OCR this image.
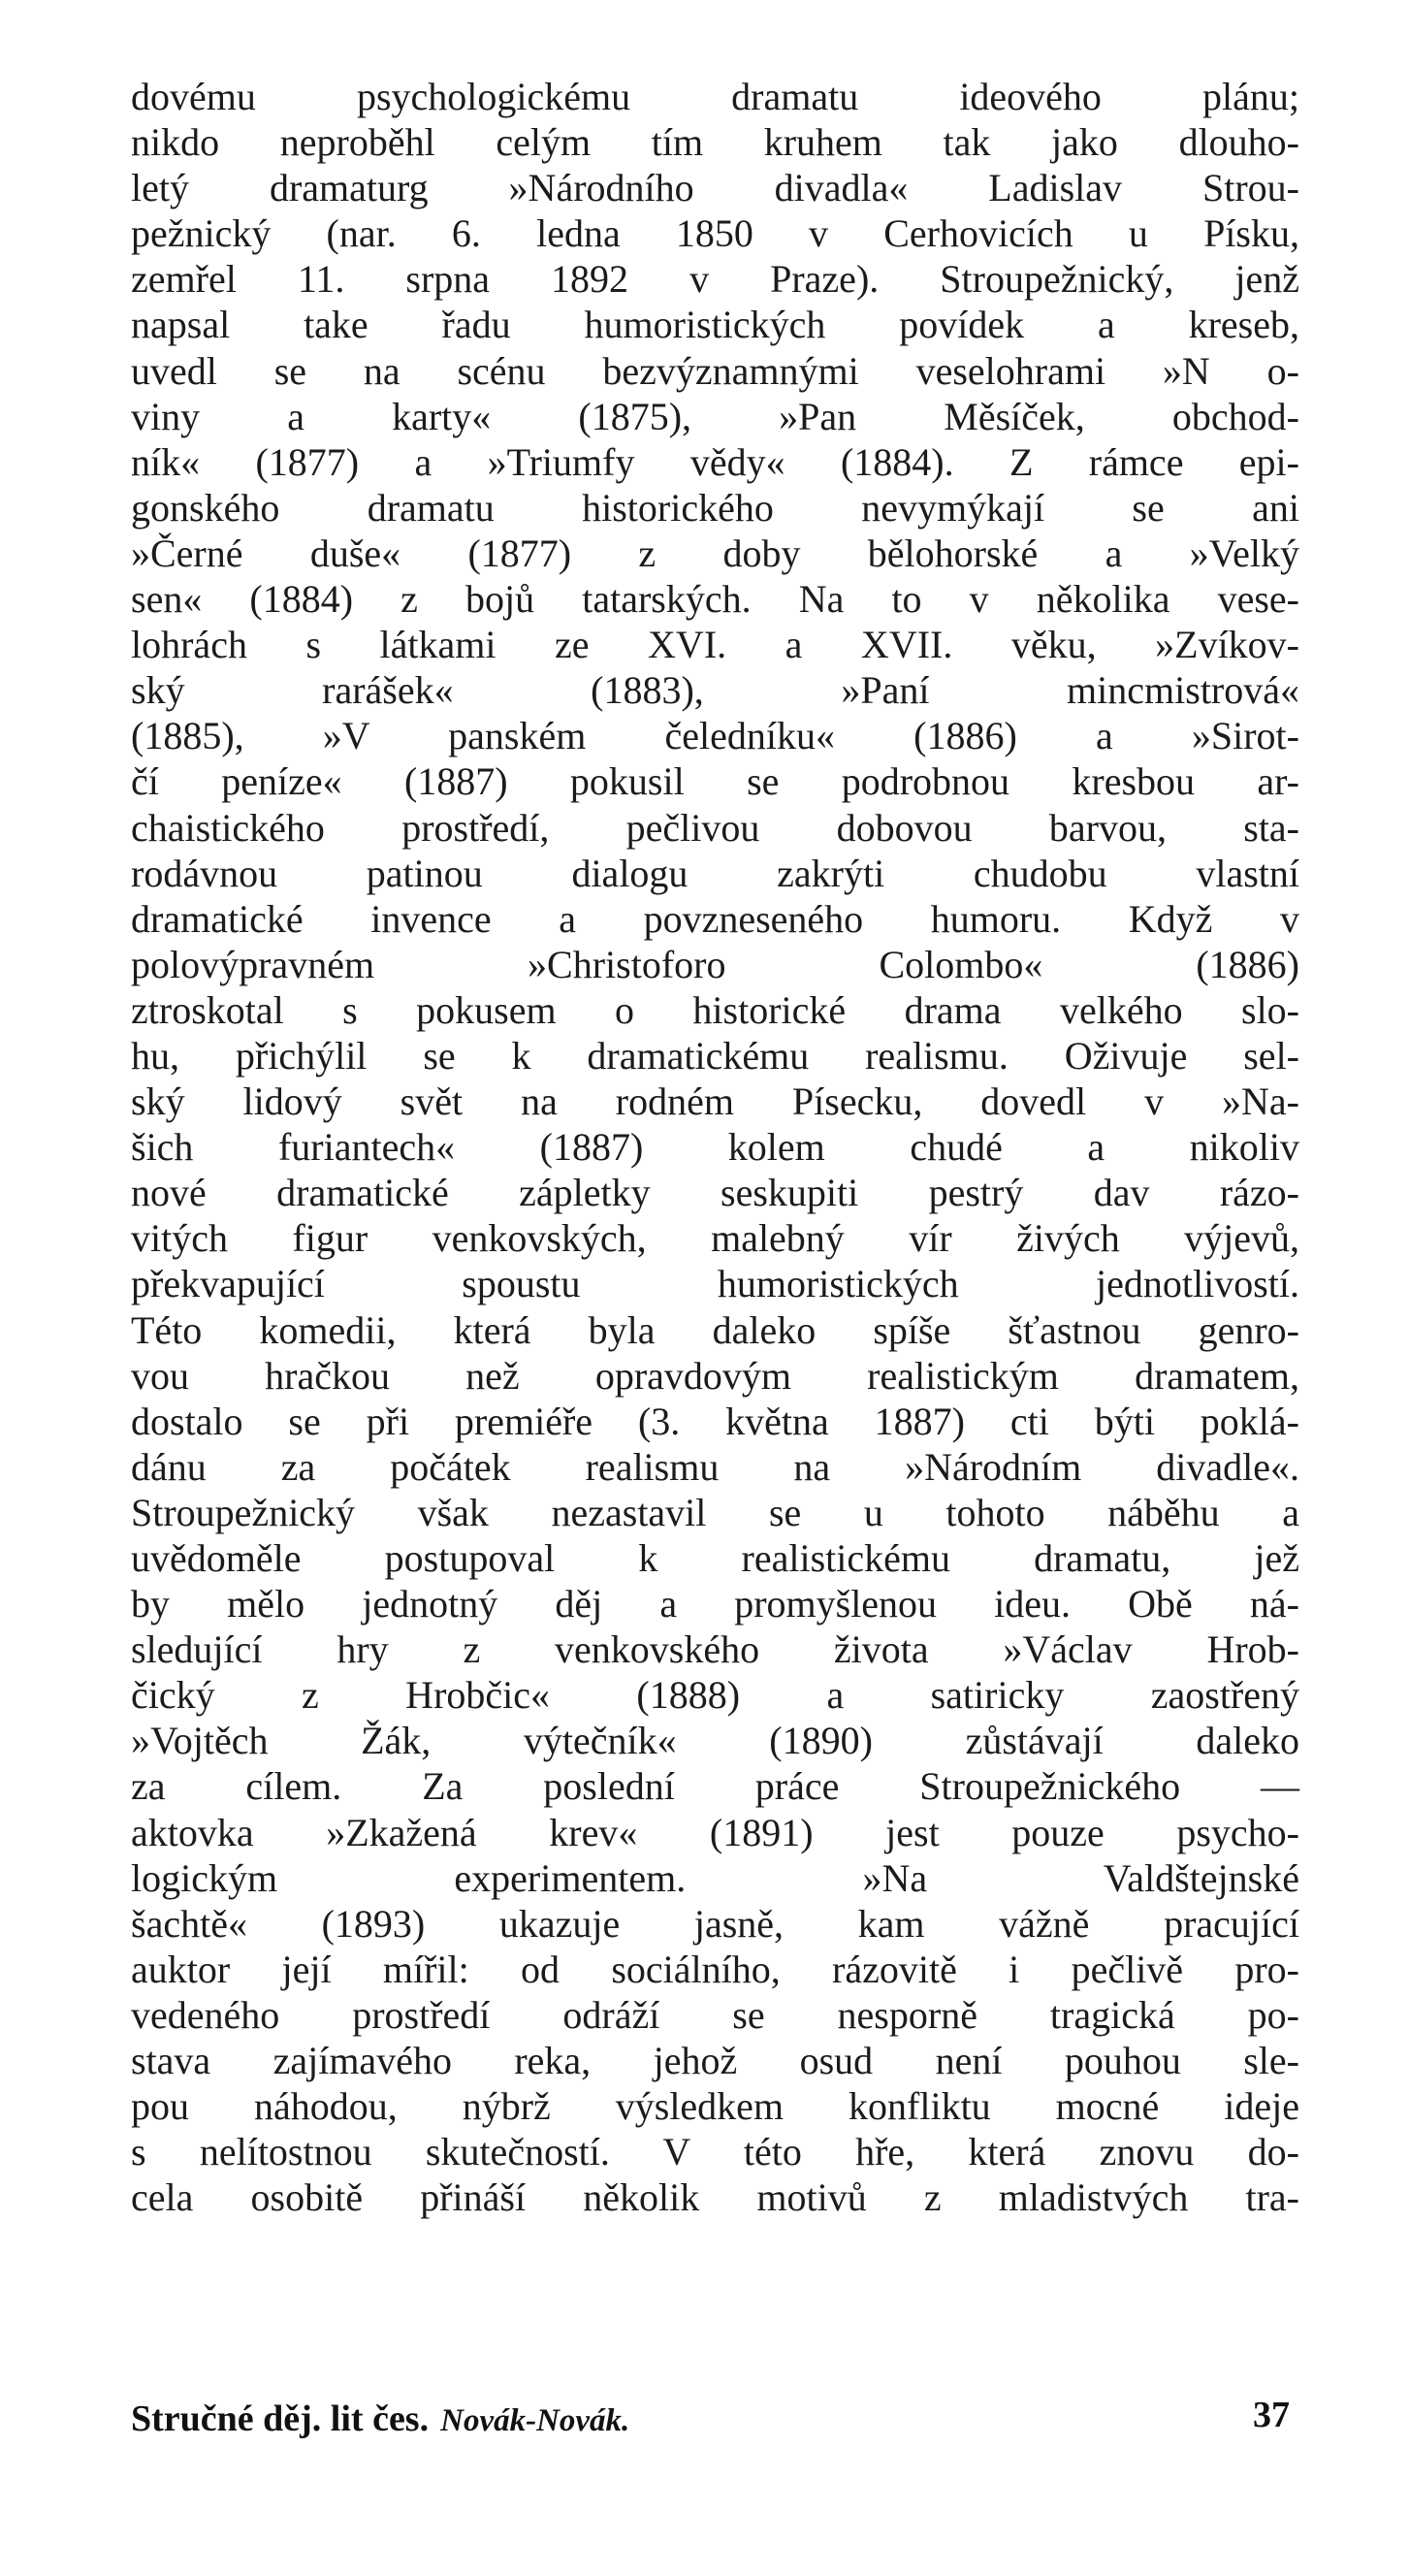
dovému psychologickému dramatu ideového plánu;
nikdo neproběhl celým tím kruhem tak jako dlouho-
letý dramaturg »Národního divadla« Ladislav Strou-
pežnický (nar. 6. ledna 1850 v Cerhovicích u Písku,
zemřel 11. srpna 1892 v Praze). Stroupežnický, jenž
napsal take řadu humoristických povídek a kreseb,
uvedl se na scénu bezvýznamnými veselohrami »N o-
viny a karty« (1875), »Pan Měsíček, obchod-
ník« (1877) a »Triumfy vědy« (1884). Z rámce epi-
gonského dramatu historického nevymýkají se ani
»Černé duše« (1877) z doby bělohorské a »Velký
sen« (1884) z bojů tatarských. Na to v několika vese-
lohrách s látkami ze XVI. a XVII. věku, »Zvíkov-
ský rarášek« (1883), »Paní mincmistrová«
(1885), »V panském čeledníku« (1886) a »Sirot-
čí peníze« (1887) pokusil se podrobnou kresbou ar-
chaistického prostředí, pečlivou dobovou barvou, sta-
rodávnou patinou dialogu zakrýti chudobu vlastní
dramatické invence a povzneseného humoru. Když v
polovýpravném »Christoforo Colombo« (1886)
ztroskotal s pokusem o historické drama velkého slo-
hu, přichýlil se k dramatickému realismu. Oživuje sel-
ský lidový svět na rodném Písecku, dovedl v »Na-
šich furiantech« (1887) kolem chudé a nikoliv
nové dramatické zápletky seskupiti pestrý dav rázo-
vitých figur venkovských, malebný vír živých výjevů,
překvapující spoustu humoristických jednotlivostí.
Této komedii, která byla daleko spíše šťastnou genro-
vou hračkou než opravdovým realistickým dramatem,
dostalo se při premiéře (3. května 1887) cti býti poklá-
dánu za počátek realismu na »Národním divadle«.
Stroupežnický však nezastavil se u tohoto náběhu a
uvědoměle postupoval k realistickému dramatu, jež
by mělo jednotný děj a promyšlenou ideu. Obě ná-
sledující hry z venkovského života »Václav Hrob-
čický z Hrobčic« (1888) a satiricky zaostřený
»Vojtěch Žák, výtečník« (1890) zůstávají daleko
za cílem. Za poslední práce Stroupežnického —
aktovka »Zkažená krev« (1891) jest pouze psycho-
logickým experimentem. »Na Valdštejnské
šachtě« (1893) ukazuje jasně, kam vážně pracující
auktor její mířil: od sociálního, rázovitě i pečlivě pro-
vedeného prostředí odráží se nesporně tragická po-
stava zajímavého reka, jehož osud není pouhou sle-
pou náhodou, nýbrž výsledkem konfliktu mocné ideje
s nelítostnou skutečností. V této hře, která znovu do-
cela osobitě přináší několik motivů z mladistvých tra-
Stručné děj. lit čes. Novák-Novák.	37
